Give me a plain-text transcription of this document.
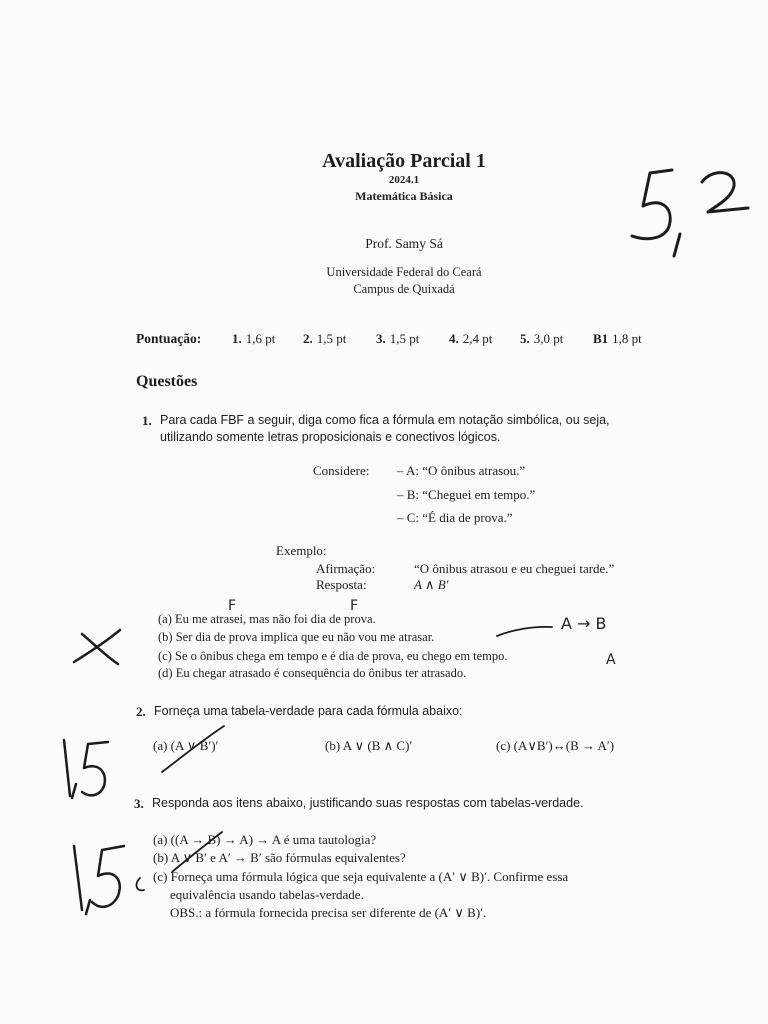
Avaliação Parcial 1
2024.1
Matemática Básica
Prof. Samy Sá
Universidade Federal do Ceará
Campus de Quixadá
Pontuação: 1. 1,6 pt 2. 1,5 pt 3. 1,5 pt 4. 2,4 pt 5. 3,0 pt B1 1,8 pt
Questões
1. Para cada FBF a seguir, diga como fica a fórmula em notação simbólica, ou seja,
utilizando somente letras proposicionais e conectivos lógicos.
Considere: – A: “O ônibus atrasou.”
– B: “Cheguei em tempo.”
– C: “É dia de prova.”
Exemplo:
Afirmação:	“O ônibus atrasou e eu cheguei tarde.”
Resposta:	A ∧ B′
(a) Eu me atrasei, mas não foi dia de prova.
(b) Ser dia de prova implica que eu não vou me atrasar.
(c) Se o ônibus chega em tempo e é dia de prova, eu chego em tempo.
(d) Eu chegar atrasado é consequência do ônibus ter atrasado.
F	F
A → B
A
2. Forneça uma tabela-verdade para cada fórmula abaixo:
(a) (A ∨ B′)′	(b) A ∨ (B ∧ C)′	(c) (A∨B′)↔(B → A′)
3. Responda aos itens abaixo, justificando suas respostas com tabelas-verdade.
(a) ((A → B) → A) → A é uma tautologia?
(b) A ∨ B′ e A′ → B′ são fórmulas equivalentes?
(c) Forneça uma fórmula lógica que seja equivalente a (A′ ∨ B)′. Confirme essa
equivalência usando tabelas-verdade.
OBS.: a fórmula fornecida precisa ser diferente de (A′ ∨ B)′.
